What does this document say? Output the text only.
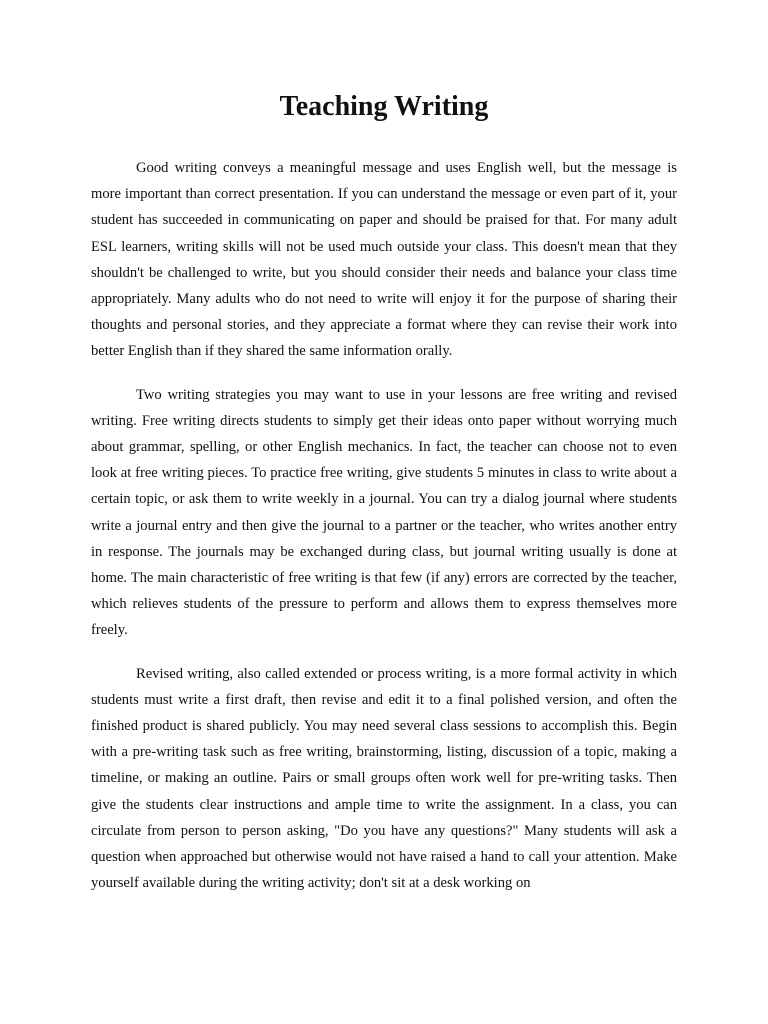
Teaching Writing

Good writing conveys a meaningful message and uses English well, but the message is more important than correct presentation. If you can understand the message or even part of it, your student has succeeded in communicating on paper and should be praised for that. For many adult ESL learners, writing skills will not be used much outside your class. This doesn't mean that they shouldn't be challenged to write, but you should consider their needs and balance your class time appropriately. Many adults who do not need to write will enjoy it for the purpose of sharing their thoughts and personal stories, and they appreciate a format where they can revise their work into better English than if they shared the same information orally.

Two writing strategies you may want to use in your lessons are free writing and revised writing. Free writing directs students to simply get their ideas onto paper without worrying much about grammar, spelling, or other English mechanics. In fact, the teacher can choose not to even look at free writing pieces. To practice free writing, give students 5 minutes in class to write about a certain topic, or ask them to write weekly in a journal. You can try a dialog journal where students write a journal entry and then give the journal to a partner or the teacher, who writes another entry in response. The journals may be exchanged during class, but journal writing usually is done at home. The main characteristic of free writing is that few (if any) errors are corrected by the teacher, which relieves students of the pressure to perform and allows them to express themselves more freely.

Revised writing, also called extended or process writing, is a more formal activity in which students must write a first draft, then revise and edit it to a final polished version, and often the finished product is shared publicly. You may need several class sessions to accomplish this. Begin with a pre-writing task such as free writing, brainstorming, listing, discussion of a topic, making a timeline, or making an outline. Pairs or small groups often work well for pre-writing tasks. Then give the students clear instructions and ample time to write the assignment. In a class, you can circulate from person to person asking, "Do you have any questions?" Many students will ask a question when approached but otherwise would not have raised a hand to call your attention. Make yourself available during the writing activity; don't sit at a desk working on
